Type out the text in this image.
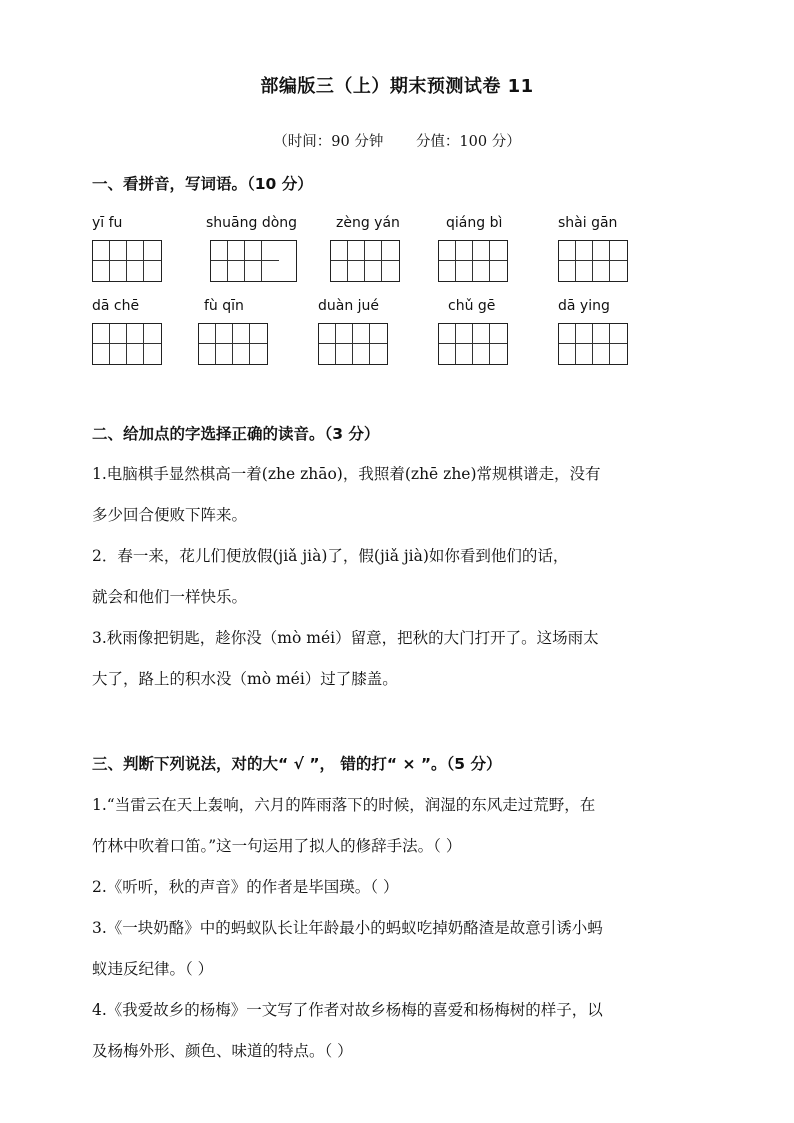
部编版三（上）期末预测试卷 11
（时间：90 分钟 分值：100 分）
一、看拼音，写词语。（10 分）
yī fu	shuāng dòng	zèng yán	qiáng bì	shài gān
dā chē	fù qīn	duàn jué	chǔ gē	dā ying
二、给加点的字选择正确的读音。（3 分）

1.电脑棋手显然棋高一着(zhe zhāo)，我照着(zhē zhe)常规棋谱走，没有

多少回合便败下阵来。

2．春一来，花儿们便放假(jiǎ jià)了，假(jiǎ jià)如你看到他们的话，

就会和他们一样快乐。

3.秋雨像把钥匙，趁你没（mò méi）留意，把秋的大门打开了。这场雨太

大了，路上的积水没（mò méi）过了膝盖。

三、判断下列说法，对的大“ √ ”， 错的打“ × ”。（5 分）

1.“当雷云在天上轰响，六月的阵雨落下的时候，润湿的东风走过荒野，在

竹林中吹着口笛。”这一句运用了拟人的修辞手法。（ ）

2.《听听，秋的声音》的作者是毕国瑛。（ ）

3.《一块奶酪》中的蚂蚁队长让年龄最小的蚂蚁吃掉奶酪渣是故意引诱小蚂

蚁违反纪律。（ ）

4.《我爱故乡的杨梅》一文写了作者对故乡杨梅的喜爱和杨梅树的样子，以

及杨梅外形、颜色、味道的特点。（ ）
